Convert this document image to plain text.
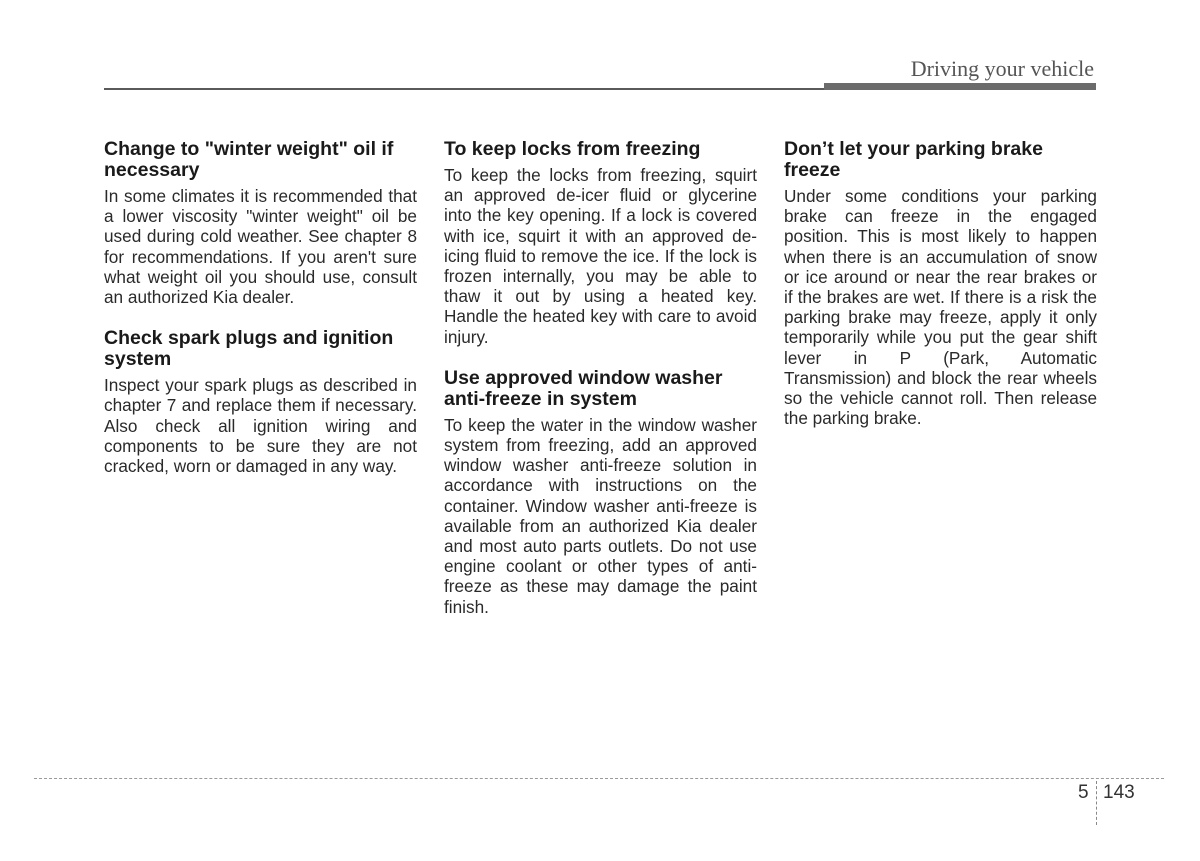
Driving your vehicle
Change to "winter weight" oil if necessary

In some climates it is recommended that a lower viscosity "winter weight" oil be used during cold weather. See chapter 8 for recommendations. If you aren't sure what weight oil you should use, consult an authorized Kia dealer.

Check spark plugs and ignition system

Inspect your spark plugs as described in chapter 7 and replace them if necessary. Also check all ignition wiring and components to be sure they are not cracked, worn or damaged in any way.

To keep locks from freezing

To keep the locks from freezing, squirt an approved de-icer fluid or glycerine into the key opening. If a lock is covered with ice, squirt it with an approved de-icing fluid to remove the ice. If the lock is frozen internally, you may be able to thaw it out by using a heated key. Handle the heated key with care to avoid injury.

Use approved window washer anti-freeze in system

To keep the water in the window washer system from freezing, add an approved window washer anti-freeze solution in accordance with instructions on the container. Window washer anti-freeze is available from an authorized Kia dealer and most auto parts outlets. Do not use engine coolant or other types of anti-freeze as these may damage the paint finish.

Don’t let your parking brake freeze

Under some conditions your parking brake can freeze in the engaged position. This is most likely to happen when there is an accumulation of snow or ice around or near the rear brakes or if the brakes are wet. If there is a risk the parking brake may freeze, apply it only temporarily while you put the gear shift lever in P (Park, Automatic Transmission) and block the rear wheels so the vehicle cannot roll. Then release the parking brake.

5 143
